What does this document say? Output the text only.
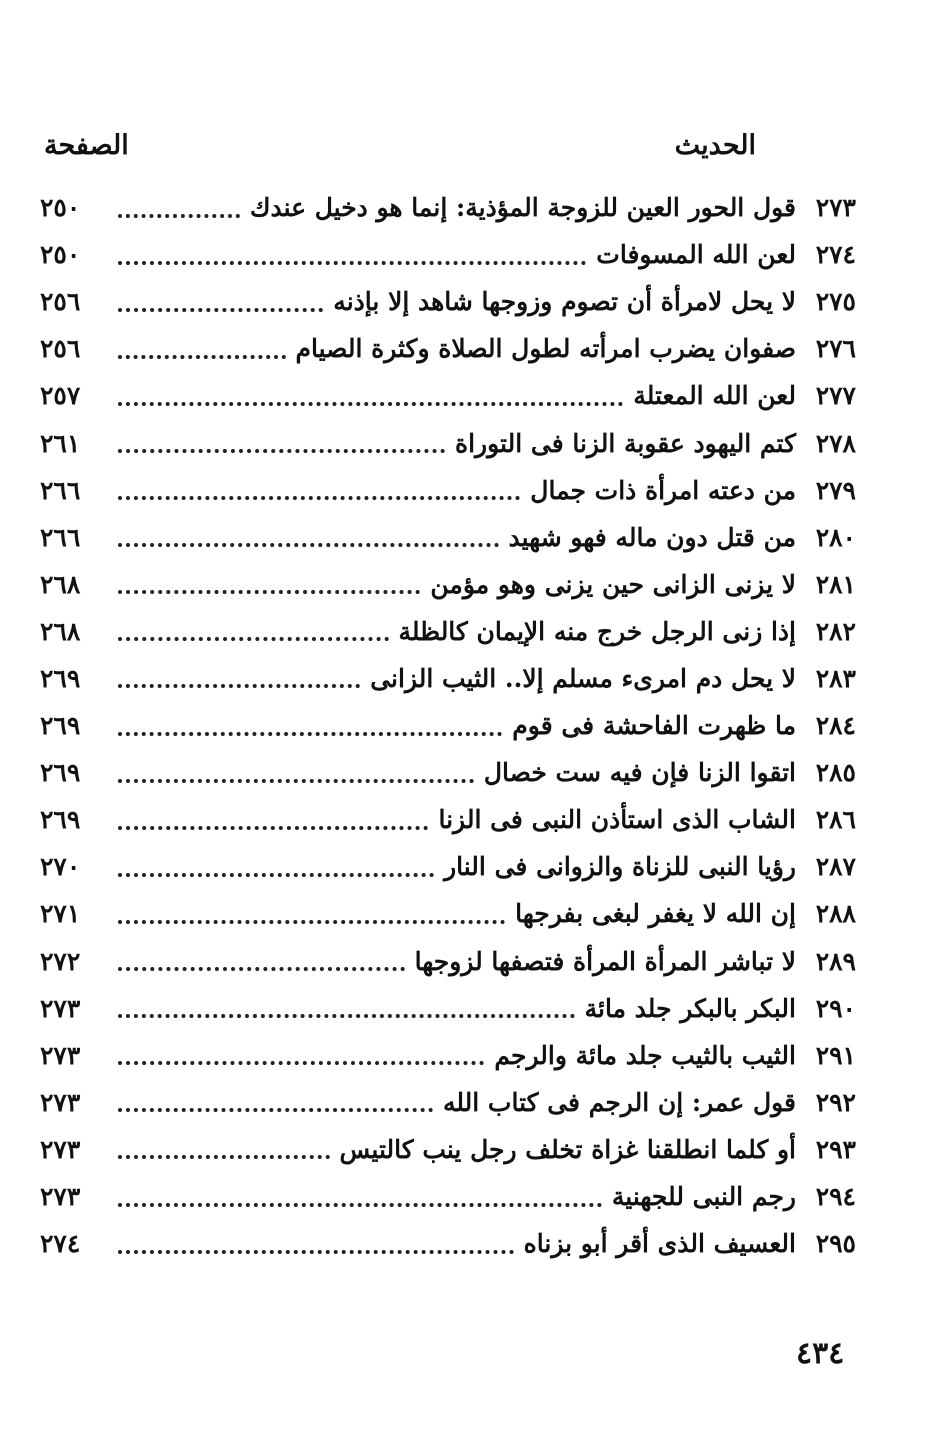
الحديث
الصفحة
٢٧٣
قول الحور العين للزوجة المؤذية: إنما هو دخيل عندك
٢٥٠
٢٧٤
لعن الله المسوفات
٢٥٠
٢٧٥
لا يحل لامرأة أن تصوم وزوجها شاهد إلا بإذنه
٢٥٦
٢٧٦
صفوان يضرب امرأته لطول الصلاة وكثرة الصيام
٢٥٦
٢٧٧
لعن الله المعتلة
٢٥٧
٢٧٨
كتم اليهود عقوبة الزنا فى التوراة
٢٦١
٢٧٩
من دعته امرأة ذات جمال
٢٦٦
٢٨٠
من قتل دون ماله فهو شهيد
٢٦٦
٢٨١
لا يزنى الزانى حين يزنى وهو مؤمن
٢٦٨
٢٨٢
إذا زنى الرجل خرج منه الإيمان كالظلة
٢٦٨
٢٨٣
لا يحل دم امرىء مسلم إلا.. الثيب الزانى
٢٦٩
٢٨٤
ما ظهرت الفاحشة فى قوم
٢٦٩
٢٨٥
اتقوا الزنا فإن فيه ست خصال
٢٦٩
٢٨٦
الشاب الذى استأذن النبى فى الزنا
٢٦٩
٢٨٧
رؤيا النبى للزناة والزوانى فى النار
٢٧٠
٢٨٨
إن الله لا يغفر لبغى بفرجها
٢٧١
٢٨٩
لا تباشر المرأة المرأة فتصفها لزوجها
٢٧٢
٢٩٠
البكر بالبكر جلد مائة
٢٧٣
٢٩١
الثيب بالثيب جلد مائة والرجم
٢٧٣
٢٩٢
قول عمر: إن الرجم فى كتاب الله
٢٧٣
٢٩٣
أو كلما انطلقنا غزاة تخلف رجل ينب كالتيس
٢٧٣
٢٩٤
رجم النبى للجهنية
٢٧٣
٢٩٥
العسيف الذى أقر أبو بزناه
٢٧٤
٤٣٤
